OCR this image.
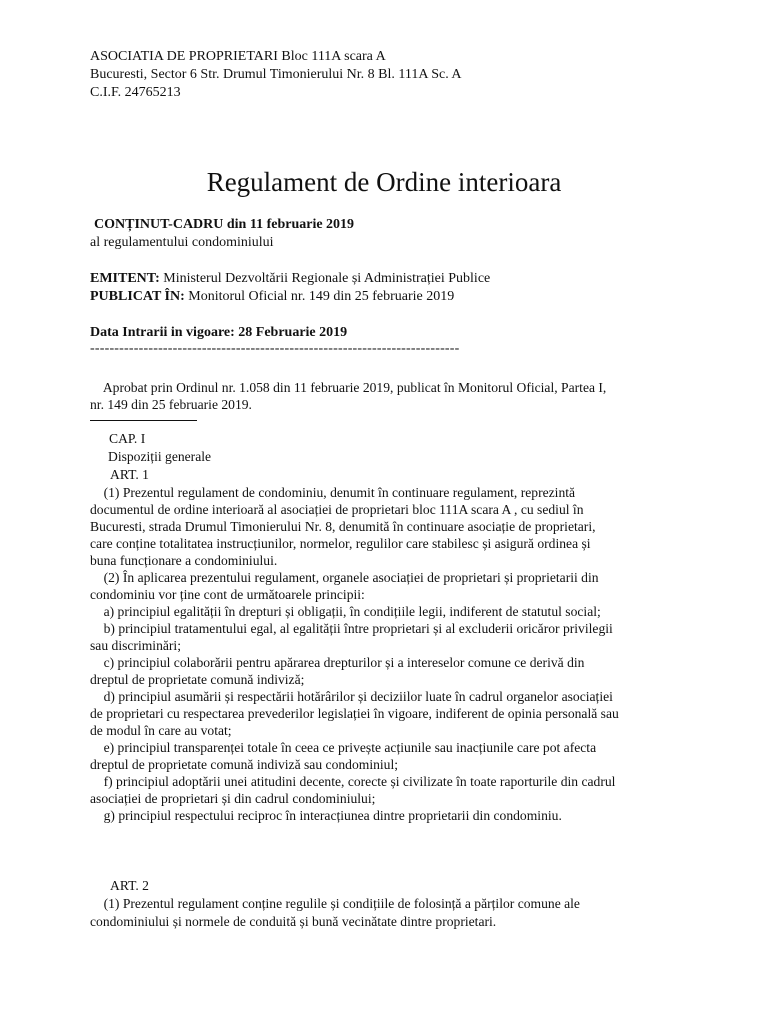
ASOCIATIA DE PROPRIETARI Bloc 111A scara A
Bucuresti, Sector 6 Str. Drumul Timonierului Nr. 8 Bl. 111A Sc. A
C.I.F. 24765213
Regulament de Ordine interioara
CONȚINUT-CADRU din 11 februarie 2019
al regulamentului condominiului
EMITENT: Ministerul Dezvoltării Regionale și Administrației Publice
PUBLICAT ÎN: Monitorul Oficial nr. 149 din 25 februarie 2019
Data Intrarii in vigoare: 28 Februarie 2019
----------------------------------------------------------------------------
Aprobat prin Ordinul nr. 1.058 din 11 februarie 2019, publicat în Monitorul Oficial, Partea I,
nr. 149 din 25 februarie 2019.
CAP. I
Dispoziții generale
ART. 1
(1) Prezentul regulament de condominiu, denumit în continuare regulament, reprezintă
documentul de ordine interioară al asociației de proprietari bloc 111A scara A , cu sediul în
Bucuresti, strada Drumul Timonierului Nr. 8, denumită în continuare asociație de proprietari,
care conține totalitatea instrucțiunilor, normelor, regulilor care stabilesc și asigură ordinea și
buna funcționare a condominiului.
(2) În aplicarea prezentului regulament, organele asociației de proprietari și proprietarii din
condominiu vor ține cont de următoarele principii:
a) principiul egalității în drepturi și obligații, în condițiile legii, indiferent de statutul social;
b) principiul tratamentului egal, al egalității între proprietari și al excluderii oricăror privilegii
sau discriminări;
c) principiul colaborării pentru apărarea drepturilor și a intereselor comune ce derivă din
dreptul de proprietate comună indiviză;
d) principiul asumării și respectării hotărârilor și deciziilor luate în cadrul organelor asociației
de proprietari cu respectarea prevederilor legislației în vigoare, indiferent de opinia personală sau
de modul în care au votat;
e) principiul transparenței totale în ceea ce privește acțiunile sau inacțiunile care pot afecta
dreptul de proprietate comună indiviză sau condominiul;
f) principiul adoptării unei atitudini decente, corecte și civilizate în toate raporturile din cadrul
asociației de proprietari și din cadrul condominiului;
g) principiul respectului reciproc în interacțiunea dintre proprietarii din condominiu.
ART. 2
(1) Prezentul regulament conține regulile și condițiile de folosință a părților comune ale
condominiului și normele de conduită și bună vecinătate dintre proprietari.
